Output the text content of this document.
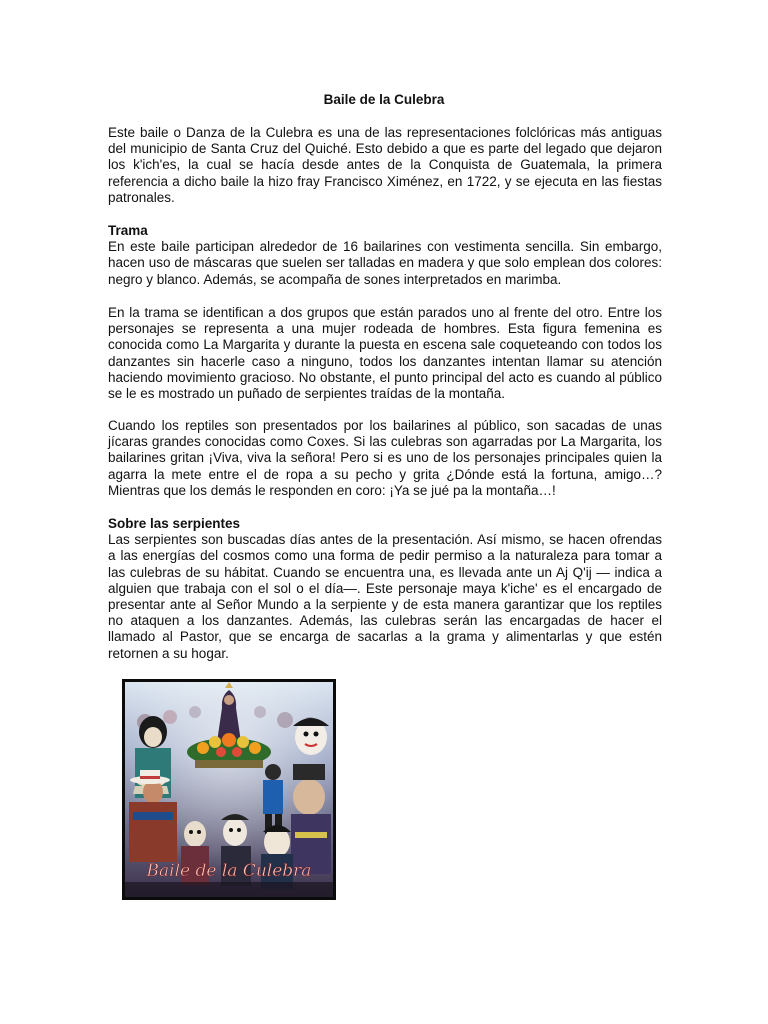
Baile de la Culebra

Este baile o Danza de la Culebra es una de las representaciones folclóricas más antiguas del municipio de Santa Cruz del Quiché. Esto debido a que es parte del legado que dejaron los k'ich'es, la cual se hacía desde antes de la Conquista de Guatemala, la primera referencia a dicho baile la hizo fray Francisco Ximénez, en 1722, y se ejecuta en las fiestas patronales.

Trama

En este baile participan alrededor de 16 bailarines con vestimenta sencilla. Sin embargo, hacen uso de máscaras que suelen ser talladas en madera y que solo emplean dos colores: negro y blanco. Además, se acompaña de sones interpretados en marimba.

En la trama se identifican a dos grupos que están parados uno al frente del otro. Entre los personajes se representa a una mujer rodeada de hombres. Esta figura femenina es conocida como La Margarita y durante la puesta en escena sale coqueteando con todos los danzantes sin hacerle caso a ninguno, todos los danzantes intentan llamar su atención haciendo movimiento gracioso. No obstante, el punto principal del acto es cuando al público se le es mostrado un puñado de serpientes traídas de la montaña.

Cuando los reptiles son presentados por los bailarines al público, son sacadas de unas jícaras grandes conocidas como Coxes. Si las culebras son agarradas por La Margarita, los bailarines gritan ¡Viva, viva la señora! Pero si es uno de los personajes principales quien la agarra la mete entre el de ropa a su pecho y grita ¿Dónde está la fortuna, amigo…? Mientras que los demás le responden en coro: ¡Ya se jué pa la montaña…!

Sobre las serpientes

Las serpientes son buscadas días antes de la presentación. Así mismo, se hacen ofrendas a las energías del cosmos como una forma de pedir permiso a la naturaleza para tomar a las culebras de su hábitat. Cuando se encuentra una, es llevada ante un Aj Q'ij — indica a alguien que trabaja con el sol o el día—. Este personaje maya k'iche' es el encargado de presentar ante al Señor Mundo a la serpiente y de esta manera garantizar que los reptiles no ataquen a los danzantes. Además, las culebras serán las encargadas de hacer el llamado al Pastor, que se encarga de sacarlas a la grama y alimentarlas y que estén retornen a su hogar.

Baile de la Culebra
